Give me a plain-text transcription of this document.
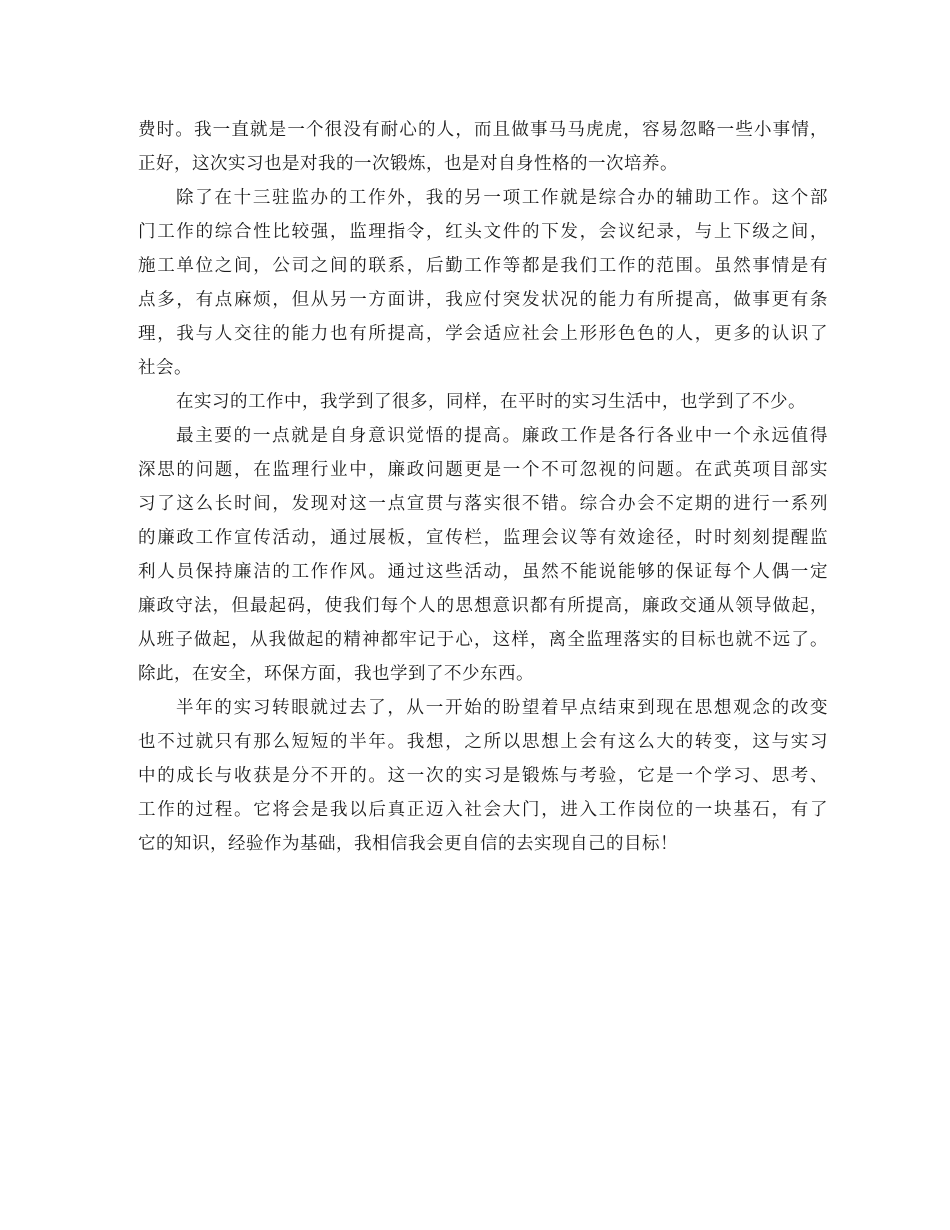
费时。我一直就是一个很没有耐心的人，而且做事马马虎虎，容易忽略一些小事情，
正好，这次实习也是对我的一次锻炼，也是对自身性格的一次培养。
除了在十三驻监办的工作外，我的另一项工作就是综合办的辅助工作。这个部
门工作的综合性比较强，监理指令，红头文件的下发，会议纪录，与上下级之间，
施工单位之间，公司之间的联系，后勤工作等都是我们工作的范围。虽然事情是有
点多，有点麻烦，但从另一方面讲，我应付突发状况的能力有所提高，做事更有条
理，我与人交往的能力也有所提高，学会适应社会上形形色色的人，更多的认识了
社会。
在实习的工作中，我学到了很多，同样，在平时的实习生活中，也学到了不少。
最主要的一点就是自身意识觉悟的提高。廉政工作是各行各业中一个永远值得
深思的问题，在监理行业中，廉政问题更是一个不可忽视的问题。在武英项目部实
习了这么长时间，发现对这一点宣贯与落实很不错。综合办会不定期的进行一系列
的廉政工作宣传活动，通过展板，宣传栏，监理会议等有效途径，时时刻刻提醒监
利人员保持廉洁的工作作风。通过这些活动，虽然不能说能够的保证每个人偶一定
廉政守法，但最起码，使我们每个人的思想意识都有所提高，廉政交通从领导做起，
从班子做起，从我做起的精神都牢记于心，这样，离全监理落实的目标也就不远了。
除此，在安全，环保方面，我也学到了不少东西。
半年的实习转眼就过去了，从一开始的盼望着早点结束到现在思想观念的改变
也不过就只有那么短短的半年。我想，之所以思想上会有这么大的转变，这与实习
中的成长与收获是分不开的。这一次的实习是锻炼与考验，它是一个学习、思考、
工作的过程。它将会是我以后真正迈入社会大门，进入工作岗位的一块基石，有了
它的知识，经验作为基础，我相信我会更自信的去实现自己的目标！
